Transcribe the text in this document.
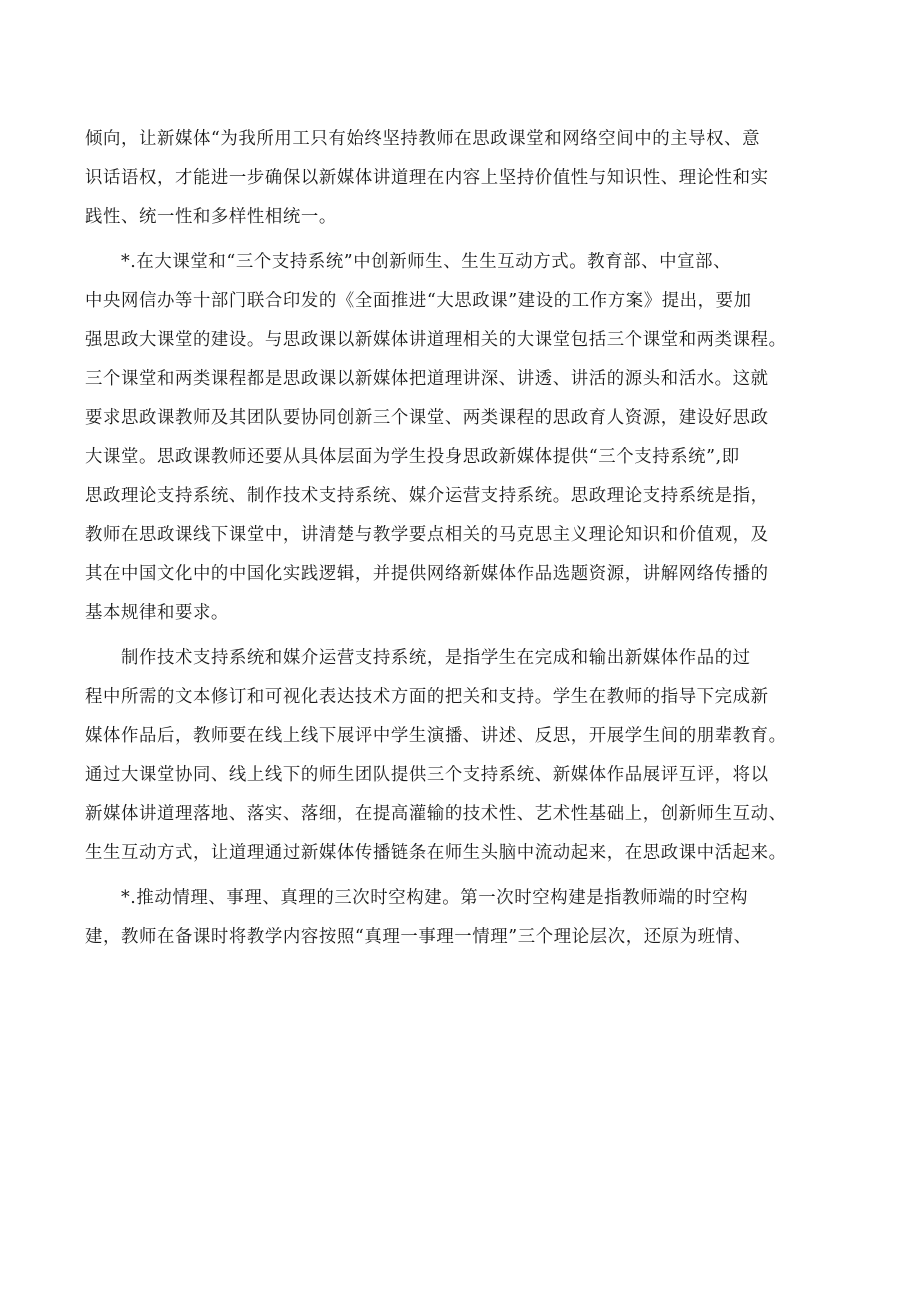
倾向，让新媒体“为我所用工只有始终坚持教师在思政课堂和网络空间中的主导权、意
识话语权，才能进一步确保以新媒体讲道理在内容上坚持价值性与知识性、理论性和实
践性、统一性和多样性相统一。
*.在大课堂和“三个支持系统”中创新师生、生生互动方式。教育部、中宣部、
中央网信办等十部门联合印发的《全面推进“大思政课”建设的工作方案》提出，要加
强思政大课堂的建设。与思政课以新媒体讲道理相关的大课堂包括三个课堂和两类课程。
三个课堂和两类课程都是思政课以新媒体把道理讲深、讲透、讲活的源头和活水。这就
要求思政课教师及其团队要协同创新三个课堂、两类课程的思政育人资源，建设好思政
大课堂。思政课教师还要从具体层面为学生投身思政新媒体提供“三个支持系统”,即
思政理论支持系统、制作技术支持系统、媒介运营支持系统。思政理论支持系统是指，
教师在思政课线下课堂中，讲清楚与教学要点相关的马克思主义理论知识和价值观，及
其在中国文化中的中国化实践逻辑，并提供网络新媒体作品选题资源，讲解网络传播的
基本规律和要求。
制作技术支持系统和媒介运营支持系统，是指学生在完成和输出新媒体作品的过
程中所需的文本修订和可视化表达技术方面的把关和支持。学生在教师的指导下完成新
媒体作品后，教师要在线上线下展评中学生演播、讲述、反思，开展学生间的朋辈教育。
通过大课堂协同、线上线下的师生团队提供三个支持系统、新媒体作品展评互评，将以
新媒体讲道理落地、落实、落细，在提高灌输的技术性、艺术性基础上，创新师生互动、
生生互动方式，让道理通过新媒体传播链条在师生头脑中流动起来，在思政课中活起来。
*.推动情理、事理、真理的三次时空构建。第一次时空构建是指教师端的时空构
建，教师在备课时将教学内容按照“真理一事理一情理”三个理论层次，还原为班情、
